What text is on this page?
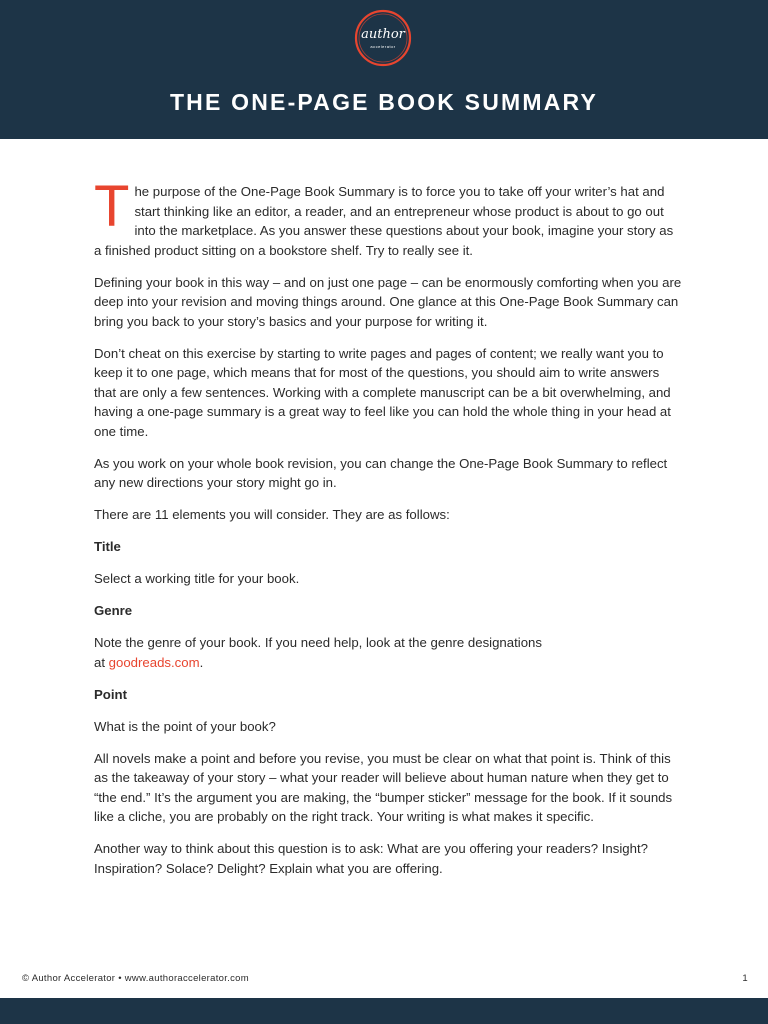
author
accelerator
THE ONE-PAGE BOOK SUMMARY

The purpose of the One-Page Book Summary is to force you to take off your writer’s hat and start thinking like an editor, a reader, and an entrepreneur whose product is about to go out into the marketplace. As you answer these questions about your book, imagine your story as a finished product sitting on a bookstore shelf. Try to really see it.

Defining your book in this way – and on just one page – can be enormously comforting when you are deep into your revision and moving things around. One glance at this One-Page Book Summary can bring you back to your story’s basics and your purpose for writing it.

Don’t cheat on this exercise by starting to write pages and pages of content; we really want you to keep it to one page, which means that for most of the questions, you should aim to write answers that are only a few sentences. Working with a complete manuscript can be a bit overwhelming, and having a one-page summary is a great way to feel like you can hold the whole thing in your head at one time.

As you work on your whole book revision, you can change the One-Page Book Summary to reflect any new directions your story might go in.

There are 11 elements you will consider. They are as follows:

Title

Select a working title for your book.

Genre

Note the genre of your book. If you need help, look at the genre designations
at goodreads.com.

Point

What is the point of your book?

All novels make a point and before you revise, you must be clear on what that point is. Think of this as the takeaway of your story – what your reader will believe about human nature when they get to “the end.” It’s the argument you are making, the “bumper sticker” message for the book. If it sounds like a cliche, you are probably on the right track. Your writing is what makes it specific.

Another way to think about this question is to ask: What are you offering your readers? Insight? Inspiration? Solace? Delight? Explain what you are offering.

© Author Accelerator • www.authoraccelerator.com	1
